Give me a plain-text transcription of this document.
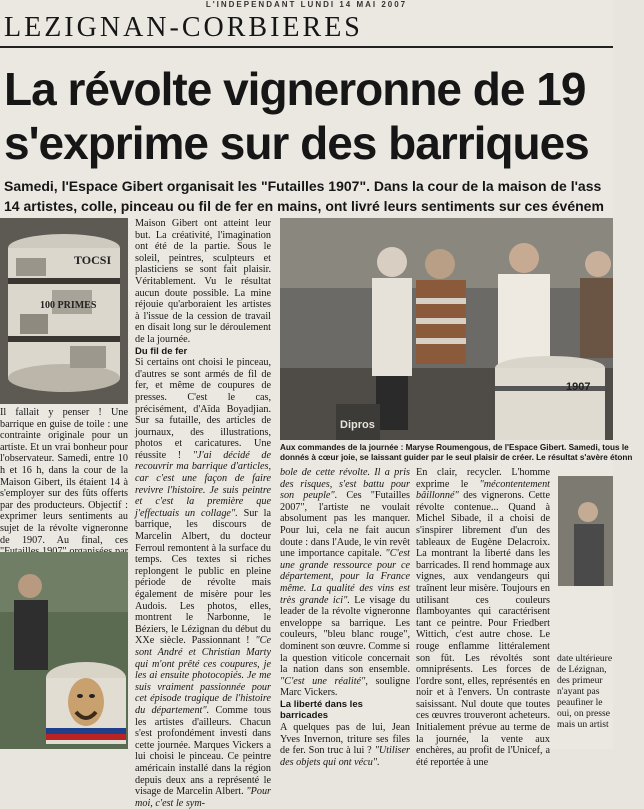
L'INDEPENDANT LUNDI 14 MAI 2007
LEZIGNAN-CORBIERES
La révolte vigneronne de 19
s'exprime sur des barriques
Samedi, l'Espace Gibert organisait les "Futailles 1907". Dans la cour de la maison de l'ass
14 artistes, colle, pinceau ou fil de fer en mains, ont livré leurs sentiments sur ces événem
TOCSI
100 PRIMES

Il fallait y penser ! Une barrique en guise de toile : une contrainte originale pour un artiste. Et un vrai bonheur pour l'observateur. Samedi, entre 10 h et 16 h, dans la cour de la Maison Gibert, ils étaient 14 à s'employer sur des fûts offerts par des producteurs. Objectif : exprimer leurs sentiments au sujet de la révolte vigneronne de 1907. Au final, ces

Maison Gibert ont atteint leur but. La créativité, l'imagination ont été de la partie. Sous le soleil, peintres, sculpteurs et plasticiens se sont fait plaisir. Véritablement. Vu le résultat aucun doute possible. La mine réjouie qu'arboraient les artistes à l'issue de la cession de travail en disait long sur le déroulement de la journée.

Du fil de fer

Si certains ont choisi le pinceau, d'autres se sont armés de fil de fer, et même de coupures de presses. C'est le cas, précisément, d'Aïda Boyadjian. Sur sa futaille, des articles de journaux, des illustrations, photos et caricatures. Une réussite ! "J'ai décidé de recouvrir ma barrique d'articles, car c'est une façon de faire revivre l'histoire. Je suis peintre et c'est la première que j'effectuais un collage". Sur la barrique, les discours de Marcelin Albert, du docteur Ferroul remontent à la surface du temps. Ces textes si riches replongent le public en pleine période de révolte mais également de misère pour les Audois. Les photos, elles, montrent le Narbonne, le Béziers, le Lézignan du début du XXe siècle. Passionnant ! "Ce sont André et Christian Marty qui m'ont prêté ces coupures, je les ai ensuite photocopiés. Je me suis vraiment passionnée pour cet épisode tragique de l'histoire du département". Comme tous les artistes d'ailleurs. Chacun s'est profondément investi dans cette journée. Marques Vickers a lui choisi le pinceau. Ce peintre américain installé dans la région depuis deux ans a représenté le visage de Marcelin Albert. "Pour moi, c'est le sym-

1907
Dipros
Aux commandes de la journée : Maryse Roumengous, de l'Espace Gibert. Samedi, tous le
donnés à cœur joie, se laissant guider par le seul plaisir de créer. Le résultat s'avère étonn

bole de cette révolte. Il a pris des risques, s'est battu pour son peuple". Ces "Futailles 2007", l'artiste ne voulait absolument pas les manquer. Pour lui, cela ne fait aucun doute : dans l'Aude, le vin revêt une importance capitale. "C'est une grande ressource pour ce département, pour la France même. La qualité des vins est très grande ici". Le visage du leader de la révolte vigneronne enveloppe sa barrique. Les couleurs, "bleu blanc rouge", dominent son œuvre. Comme si la question viticole concernait la nation dans son ensemble. "C'est une réalité", souligne Marc Vickers.

La liberté dans les barricades

A quelques pas de lui, Jean Yves Invernon, triture ses files de fer. Son truc à lui ? "Utiliser des objets qui ont vécu".

En clair, recycler. L'homme exprime le "mécontentement bâillonné" des vignerons. Cette révolte contenue... Quand à Michel Sibade, il a choisi de s'inspirer librement d'un des tableaux de Eugène Delacroix. La montrant la liberté dans les barricades. Il rend hommage aux vignes, aux vendangeurs qui traînent leur misère. Toujours en utilisant ces couleurs flamboyantes qui caractérisent tant ce peintre. Pour Friedbert Wittich, c'est autre chose. Le rouge enflamme littéralement son fût. Les révoltés sont omniprésents. Les forces de l'ordre sont, elles, représentés en noir et à l'envers. Un contraste saisissant. Nul doute que toutes ces œuvres trouveront acheteurs. Initialement prévue au terme de la journée, la vente aux enchères, au profit de l'Unicef, a été reportée à une

date ultérieure de Lézignan, des primeur n'ayant pas peaufiner le oui, on presse mais un artist
